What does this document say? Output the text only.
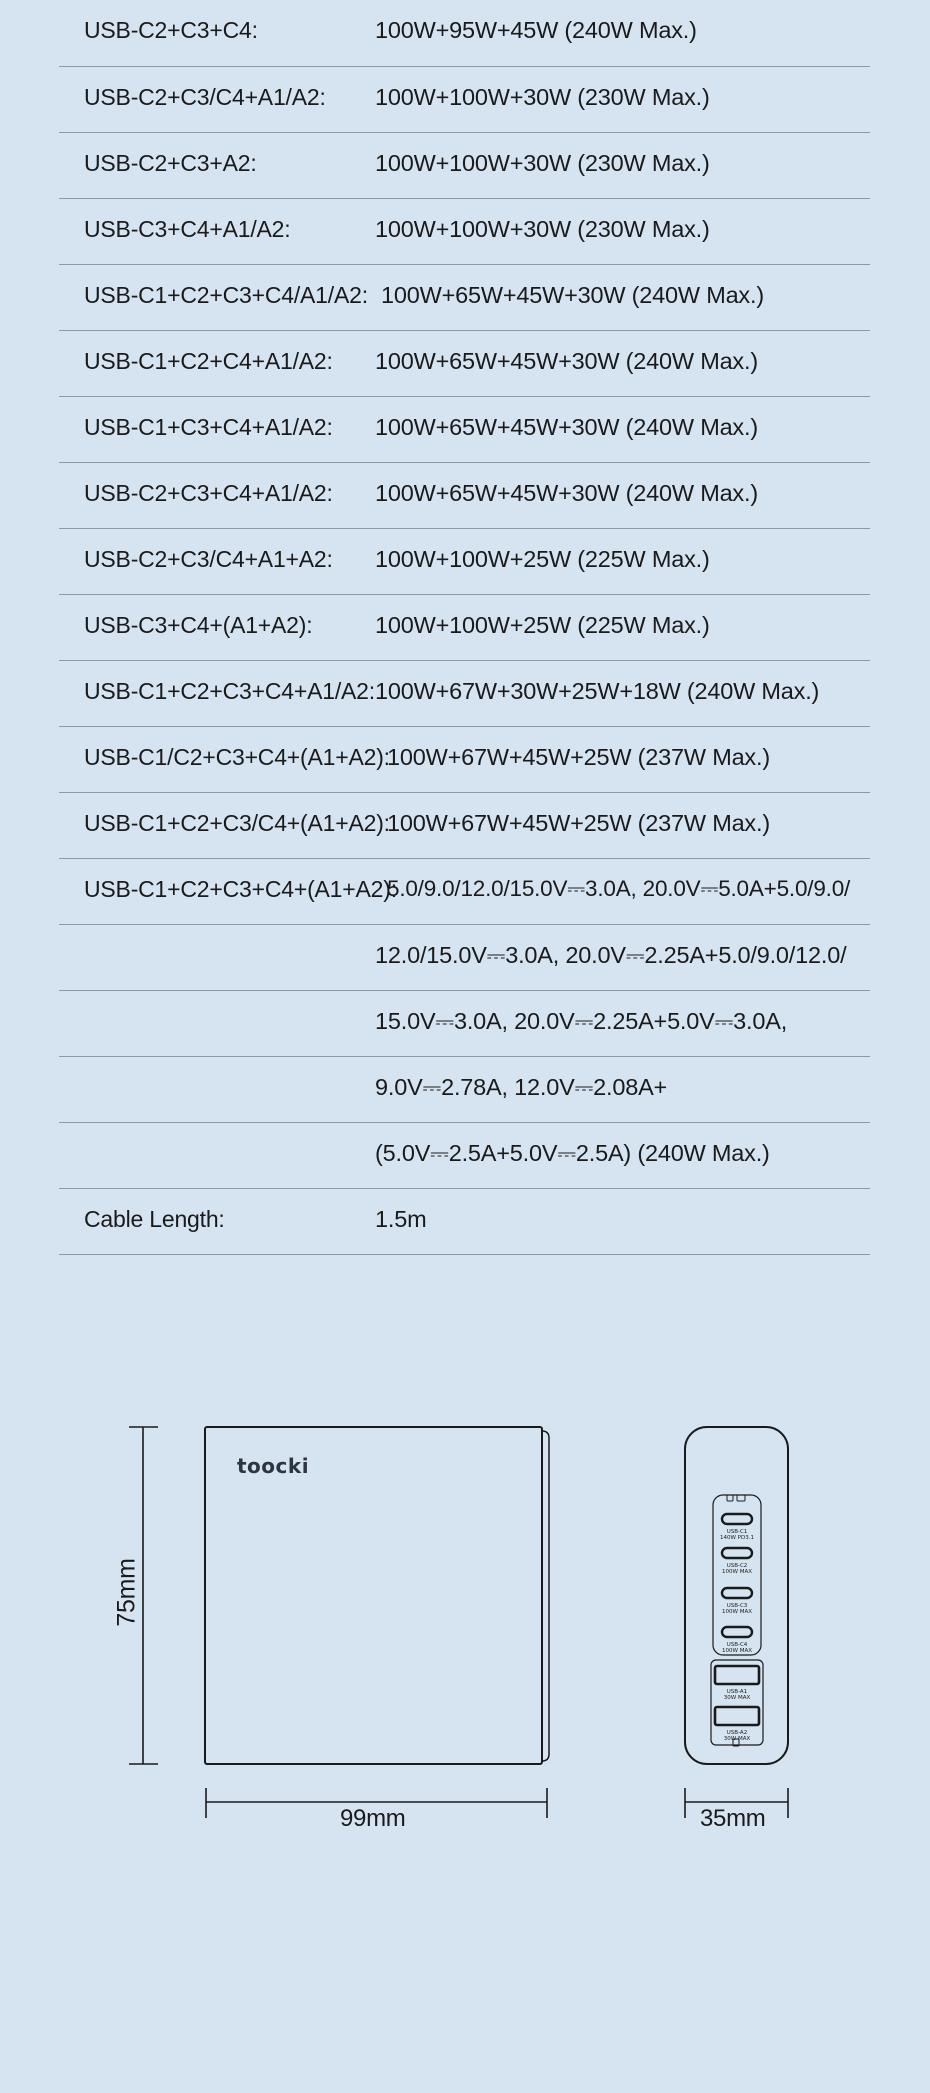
USB-C2+C3+C4:	100W+95W+45W (240W Max.)
USB-C2+C3/C4+A1/A2: 100W+100W+30W (230W Max.)
USB-C2+C3+A2:	100W+100W+30W (230W Max.)
USB-C3+C4+A1/A2:	100W+100W+30W (230W Max.)
USB-C1+C2+C3+C4/A1/A2: 100W+65W+45W+30W (240W Max.)
USB-C1+C2+C4+A1/A2: 100W+65W+45W+30W (240W Max.)
USB-C1+C3+C4+A1/A2: 100W+65W+45W+30W (240W Max.)
USB-C2+C3+C4+A1/A2: 100W+65W+45W+30W (240W Max.)
USB-C2+C3/C4+A1+A2: 100W+100W+25W (225W Max.)
USB-C3+C4+(A1+A2):	100W+100W+25W (225W Max.)
USB-C1+C2+C3+C4+A1/A2: 100W+67W+30W+25W+18W (240W Max.)
USB-C1/C2+C3+C4+(A1+A2):
100W+67W+45W+25W (237W Max.)
USB-C1+C2+C3/C4+(A1+A2):
100W+67W+45W+25W (237W Max.)
USB-C1+C2+C3+C4+(A1+A2):
5.0/9.0/12.0/15.0V⎓3.0A, 20.0V⎓5.0A+5.0/9.0/
12.0/15.0V⎓3.0A, 20.0V⎓2.25A+5.0/9.0/12.0/
15.0V⎓3.0A, 20.0V⎓2.25A+5.0V⎓3.0A,
9.0V⎓2.78A, 12.0V⎓2.08A+
(5.0V⎓2.5A+5.0V⎓2.5A) (240W Max.)
Cable Length:	1.5m
USB-C1
140W PD3.1
USB-C2
100W MAX
USB-C3
100W MAX
USB-C4
100W MAX
USB-A1
30W MAX
USB-A2
30W MAX
toocki
75mm
99mm	35mm
